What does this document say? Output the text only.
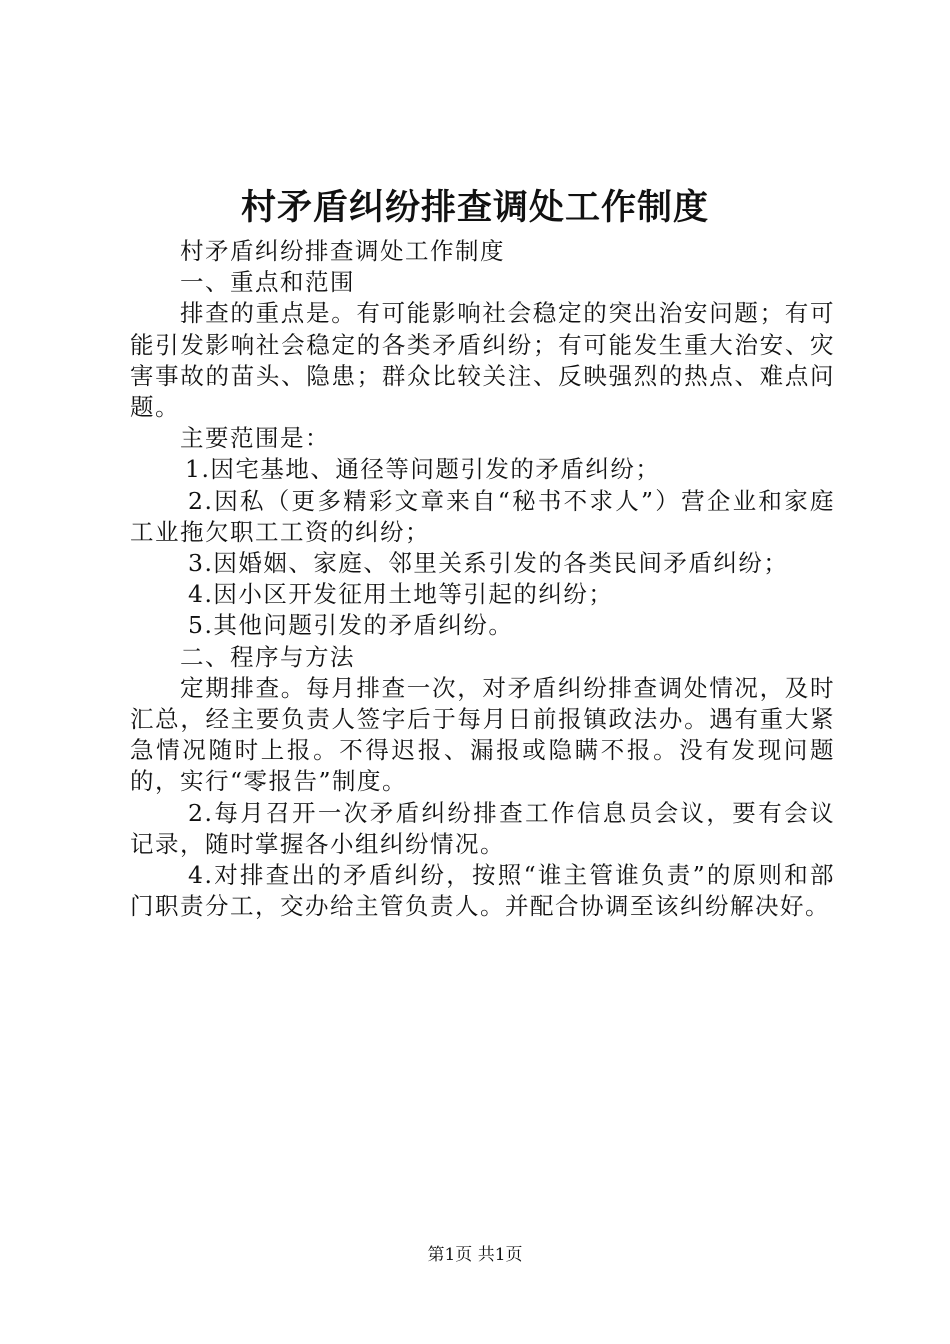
村矛盾纠纷排查调处工作制度

村矛盾纠纷排查调处工作制度

一、重点和范围

排查的重点是。有可能影响社会稳定的突出治安问题；有可能引发影响社会稳定的各类矛盾纠纷；有可能发生重大治安、灾害事故的苗头、隐患；群众比较关注、反映强烈的热点、难点问题。

主要范围是：

1.因宅基地、通径等问题引发的矛盾纠纷；

2.因私（更多精彩文章来自“秘书不求人”）营企业和家庭工业拖欠职工工资的纠纷；

3.因婚姻、家庭、邻里关系引发的各类民间矛盾纠纷；

4.因小区开发征用土地等引起的纠纷；

5.其他问题引发的矛盾纠纷。

二、程序与方法

定期排查。每月排查一次，对矛盾纠纷排查调处情况，及时汇总，经主要负责人签字后于每月日前报镇政法办。遇有重大紧急情况随时上报。不得迟报、漏报或隐瞒不报。没有发现问题的，实行“零报告”制度。

2.每月召开一次矛盾纠纷排查工作信息员会议，要有会议记录，随时掌握各小组纠纷情况。

4.对排查出的矛盾纠纷，按照“谁主管谁负责”的原则和部门职责分工，交办给主管负责人。并配合协调至该纠纷解决好。

第1页 共1页
